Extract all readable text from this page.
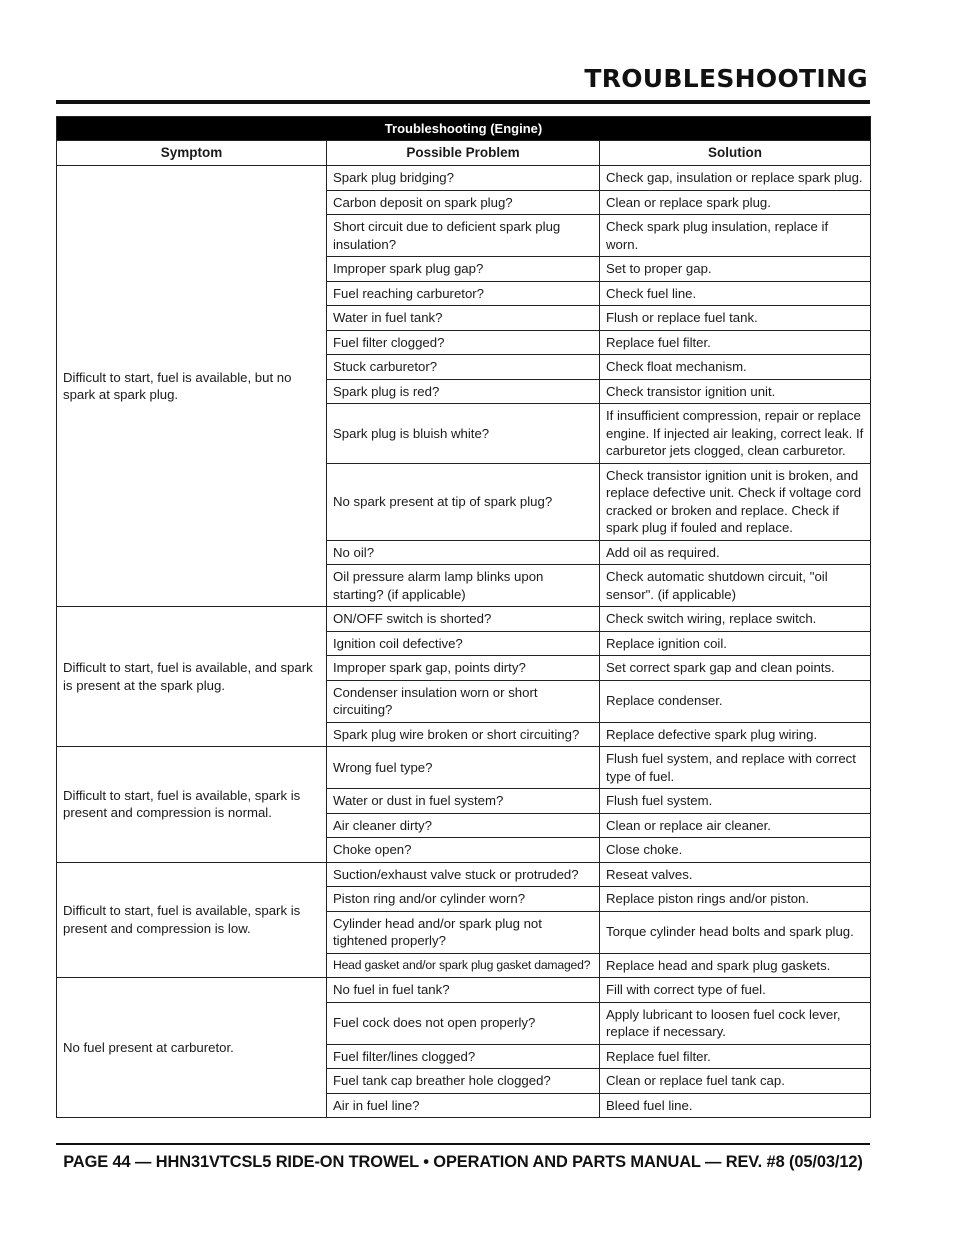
TROUBLESHOOTING
Troubleshooting (Engine)		
Symptom	Possible Problem	Solution
Difficult to start, fuel is available, but no spark at spark plug.	Spark plug bridging?	Check gap, insulation or replace spark plug.
	Carbon deposit on spark plug?	Clean or replace spark plug.
	Short circuit due to deficient spark plug insulation?	Check spark plug insulation, replace if worn.
	Improper spark plug gap?	Set to proper gap.
	Fuel reaching carburetor?	Check fuel line.
	Water in fuel tank?	Flush or replace fuel tank.
	Fuel filter clogged?	Replace fuel filter.
	Stuck carburetor?	Check float mechanism.
	Spark plug is red?	Check transistor ignition unit.
	Spark plug is bluish white?	If insufficient compression, repair or replace engine. If injected air leaking, correct leak. If carburetor jets clogged, clean carburetor.
	No spark present at tip of spark plug?	Check transistor ignition unit is broken, and replace defective unit. Check if voltage cord cracked or broken and replace. Check if spark plug if fouled and replace.
	No oil?	Add oil as required.
	Oil pressure alarm lamp blinks upon starting? (if applicable)	Check automatic shutdown circuit, "oil sensor". (if applicable)
Difficult to start, fuel is available, and spark is present at the spark plug.	ON/OFF switch is shorted?	Check switch wiring, replace switch.
	Ignition coil defective?	Replace ignition coil.
	Improper spark gap, points dirty?	Set correct spark gap and clean points.
	Condenser insulation worn or short circuiting?	Replace condenser.
	Spark plug wire broken or short circuiting?	Replace defective spark plug wiring.
Difficult to start, fuel is available, spark is present and compression is normal.	Wrong fuel type?	Flush fuel system, and replace with correct type of fuel.
	Water or dust in fuel system?	Flush fuel system.
	Air cleaner dirty?	Clean or replace air cleaner.
	Choke open?	Close choke.
Difficult to start, fuel is available, spark is present and compression is low.	Suction/exhaust valve stuck or protruded?	Reseat valves.
	Piston ring and/or cylinder worn?	Replace piston rings and/or piston.
	Cylinder head and/or spark plug not tightened properly?	Torque cylinder head bolts and spark plug.
	Head gasket and/or spark plug gasket damaged?	Replace head and spark plug gaskets.
No fuel present at carburetor.	No fuel in fuel tank?	Fill with correct type of fuel.
	Fuel cock does not open properly?	Apply lubricant to loosen fuel cock lever, replace if necessary.
	Fuel filter/lines clogged?	Replace fuel filter.
	Fuel tank cap breather hole clogged?	Clean or replace fuel tank cap.
	Air in fuel line?	Bleed fuel line.
PAGE 44 — HHN31VTCSL5 RIDE-ON TROWEL • OPERATION AND PARTS MANUAL — REV. #8 (05/03/12)
